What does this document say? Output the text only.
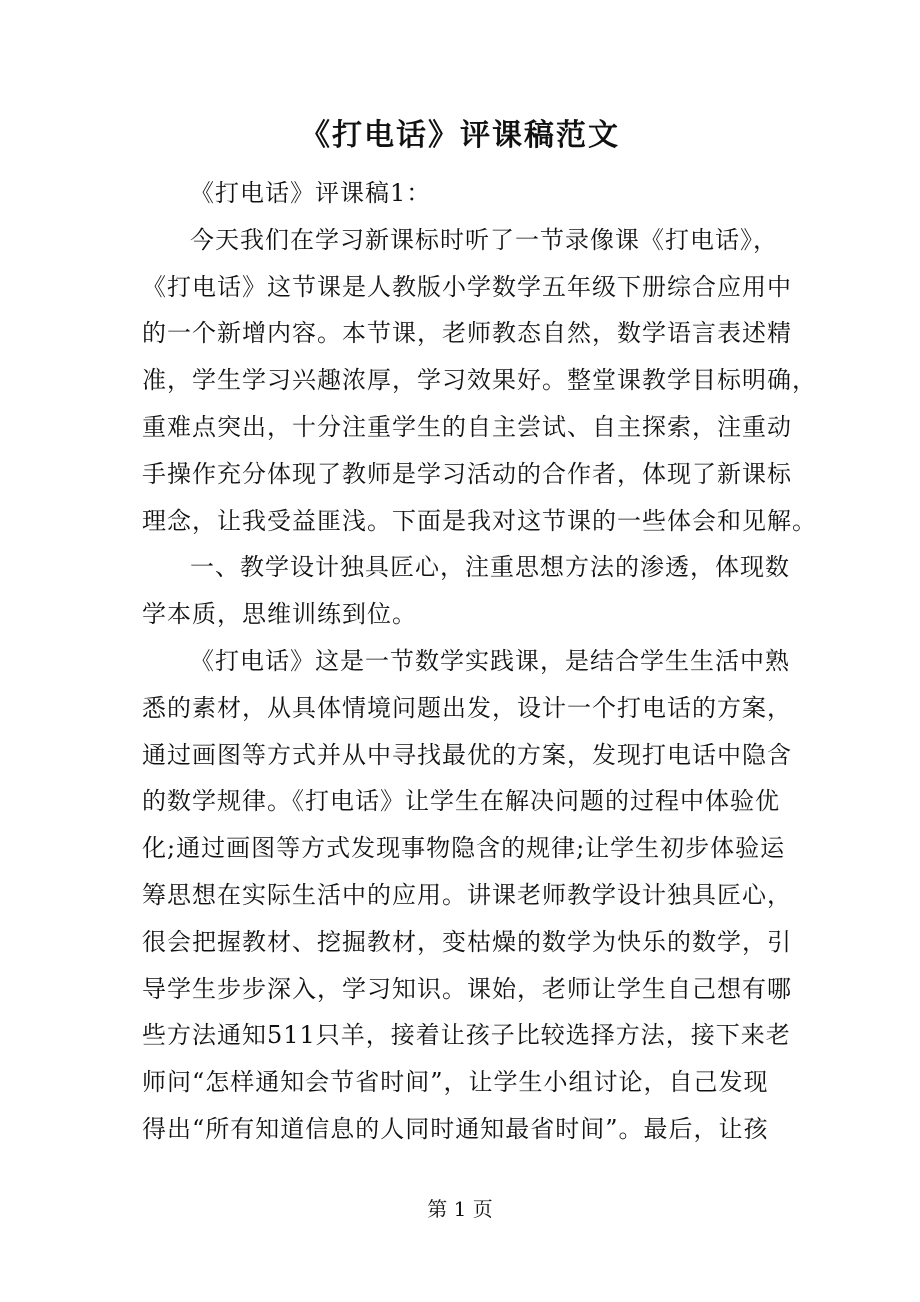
《打电话》评课稿范文
《打电话》评课稿1：
今天我们在学习新课标时听了一节录像课《打电话》，
《打电话》这节课是人教版小学数学五年级下册综合应用中
的一个新增内容。本节课，老师教态自然，数学语言表述精
准，学生学习兴趣浓厚，学习效果好。整堂课教学目标明确，
重难点突出，十分注重学生的自主尝试、自主探索，注重动
手操作充分体现了教师是学习活动的合作者，体现了新课标
理念，让我受益匪浅。下面是我对这节课的一些体会和见解。
一、教学设计独具匠心，注重思想方法的渗透，体现数
学本质，思维训练到位。
《打电话》这是一节数学实践课，是结合学生生活中熟
悉的素材，从具体情境问题出发，设计一个打电话的方案，
通过画图等方式并从中寻找最优的方案，发现打电话中隐含
的数学规律。《打电话》让学生在解决问题的过程中体验优
化;通过画图等方式发现事物隐含的规律;让学生初步体验运
筹思想在实际生活中的应用。讲课老师教学设计独具匠心，
很会把握教材、挖掘教材，变枯燥的数学为快乐的数学，引
导学生步步深入，学习知识。课始，老师让学生自己想有哪
些方法通知511只羊，接着让孩子比较选择方法，接下来老
师问“怎样通知会节省时间”，让学生小组讨论，自己发现
得出“所有知道信息的人同时通知最省时间”。最后，让孩
第 1 页
